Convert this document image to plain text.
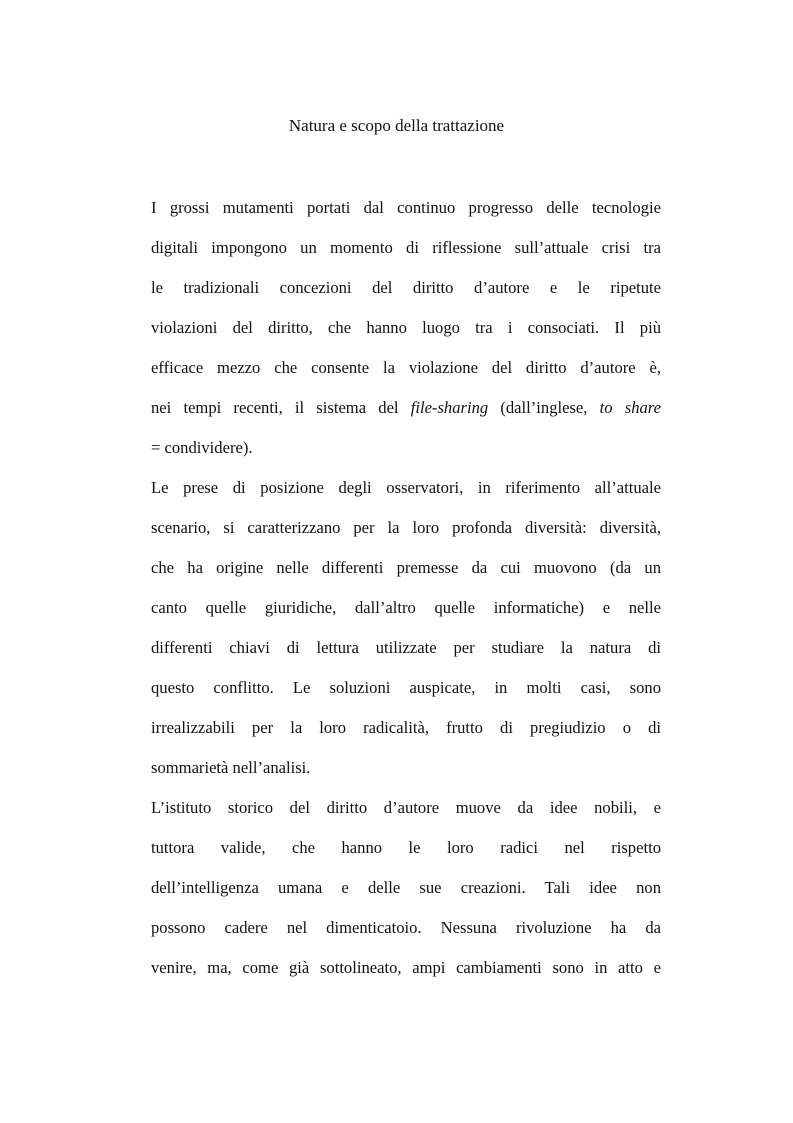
Natura e scopo della trattazione
I grossi mutamenti portati dal continuo progresso delle tecnologie
digitali impongono un momento di riflessione sull’attuale crisi tra
le tradizionali concezioni del diritto d’autore e le ripetute
violazioni del diritto, che hanno luogo tra i consociati. Il più
efficace mezzo che consente la violazione del diritto d’autore è,
nei tempi recenti, il sistema del file-sharing (dall’inglese, to share
= condividere).
Le prese di posizione degli osservatori, in riferimento all’attuale
scenario, si caratterizzano per la loro profonda diversità: diversità,
che ha origine nelle differenti premesse da cui muovono (da un
canto quelle giuridiche, dall’altro quelle informatiche) e nelle
differenti chiavi di lettura utilizzate per studiare la natura di
questo conflitto. Le soluzioni auspicate, in molti casi, sono
irrealizzabili per la loro radicalità, frutto di pregiudizio o di
sommarietà nell’analisi.
L’istituto storico del diritto d’autore muove da idee nobili, e
tuttora valide, che hanno le loro radici nel rispetto
dell’intelligenza umana e delle sue creazioni. Tali idee non
possono cadere nel dimenticatoio. Nessuna rivoluzione ha da
venire, ma, come già sottolineato, ampi cambiamenti sono in atto e
